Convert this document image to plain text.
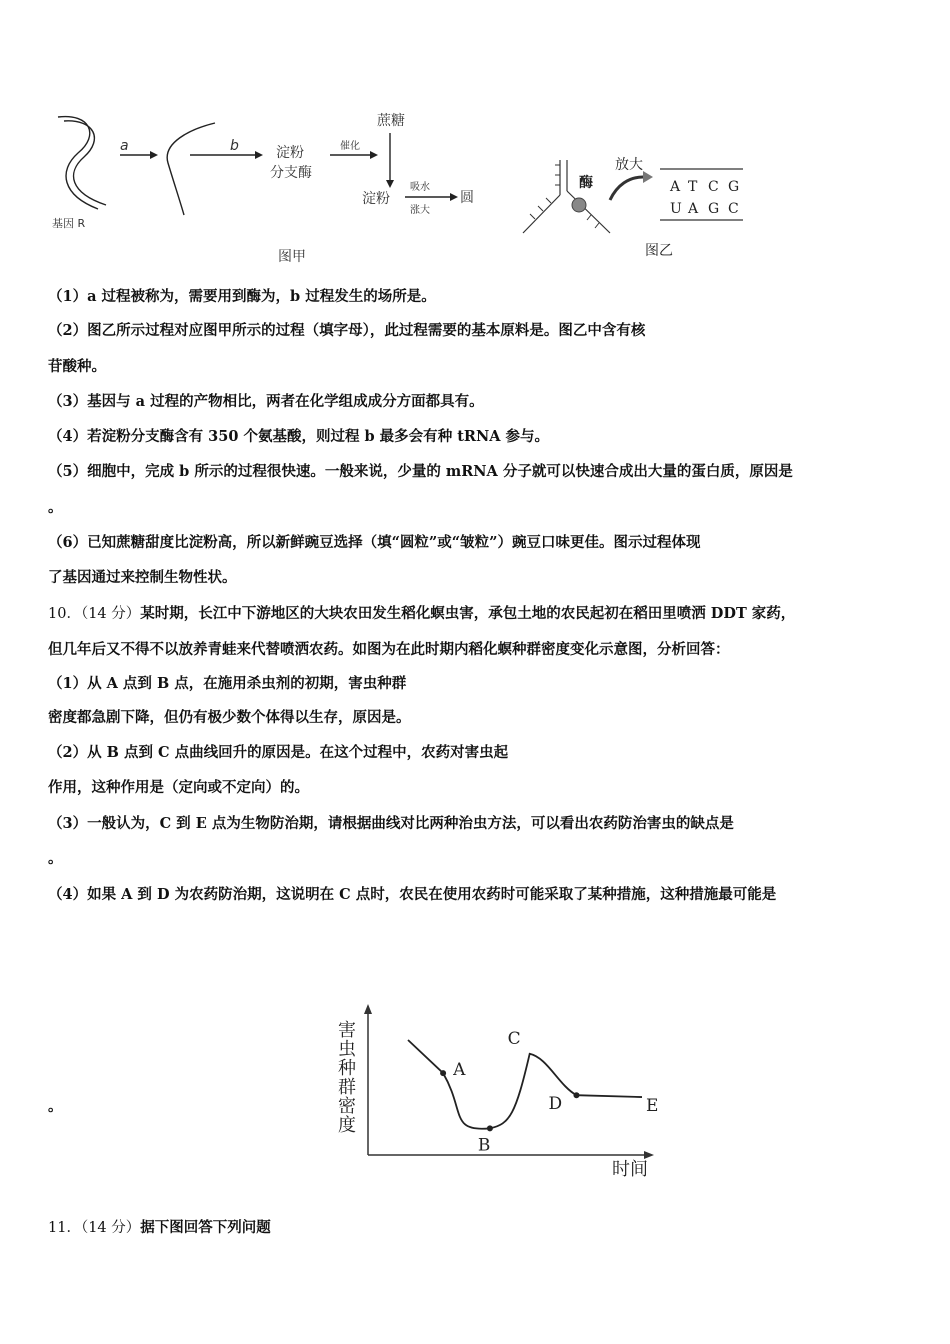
a	b	淀粉
分支酶
蔗糖
催化
淀粉
吸水
涨大
圆
基因 R
图甲
酶
放大
图乙
A T C G
U A G C
（1）a 过程被称为，需要用到酶为，b 过程发生的场所是。
（2）图乙所示过程对应图甲所示的过程（填字母），此过程需要的基本原料是。图乙中含有核
苷酸种。
（3）基因与 a 过程的产物相比，两者在化学组成成分方面都具有。
（4）若淀粉分支酶含有 350 个氨基酸，则过程 b 最多会有种 tRNA 参与。
（5）细胞中，完成 b 所示的过程很快速。一般来说，少量的 mRNA 分子就可以快速合成出大量的蛋白质，原因是
。
（6）已知蔗糖甜度比淀粉高，所以新鲜豌豆选择（填“圆粒”或“皱粒”）豌豆口味更佳。图示过程体现
了基因通过来控制生物性状。
10．（14 分）某时期，长江中下游地区的大块农田发生稻化螟虫害，承包土地的农民起初在稻田里喷洒 DDT 家药，
但几年后又不得不以放养青蛙来代替喷洒农药。如图为在此时期内稻化螟种群密度变化示意图，分析回答：
（1）从 A 点到 B 点，在施用杀虫剂的初期，害虫种群
密度都急剧下降，但仍有极少数个体得以生存，原因是。
（2）从 B 点到 C 点曲线回升的原因是。在这个过程中，农药对害虫起
作用，这种作用是（定向或不定向）的。
（3）一般认为，C 到 E 点为生物防治期，请根据曲线对比两种治虫方法，可以看出农药防治害虫的缺点是
。
（4）如果 A 到 D 为农药防治期，这说明在 C 点时，农民在使用农药时可能采取了某种措施，这种措施最可能是
。
A
B
C
D	E
害虫种群密度
时间
11．（14 分）据下图回答下列问题
